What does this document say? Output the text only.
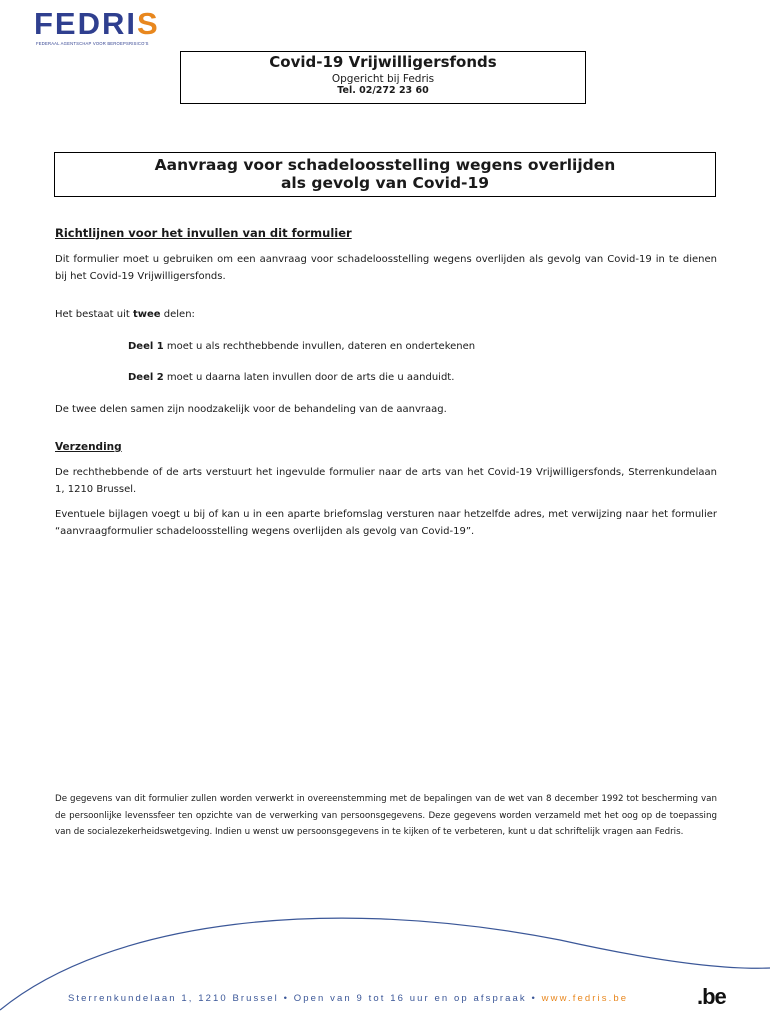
FEDRIS
FEDERAAL AGENTSCHAP VOOR BEROEPSRISICO'S
Covid-19 Vrijwilligersfonds
Opgericht bij Fedris
Tel. 02/272 23 60
Aanvraag voor schadeloosstelling wegens overlijden
als gevolg van Covid-19
Richtlijnen voor het invullen van dit formulier
Dit formulier moet u gebruiken om een aanvraag voor schadeloosstelling wegens overlijden als gevolg van Covid-19 in te dienen bij het Covid-19 Vrijwilligersfonds.
Het bestaat uit twee delen:
Deel 1 moet u als rechthebbende invullen, dateren en ondertekenen
Deel 2 moet u daarna laten invullen door de arts die u aanduidt.
De twee delen samen zijn noodzakelijk voor de behandeling van de aanvraag.
Verzending
De rechthebbende of de arts verstuurt het ingevulde formulier naar de arts van het Covid-19 Vrijwilligersfonds, Sterrenkundelaan 1, 1210 Brussel.
Eventuele bijlagen voegt u bij of kan u in een aparte briefomslag versturen naar hetzelfde adres, met verwijzing naar het formulier “aanvraagformulier schadeloosstelling wegens overlijden als gevolg van Covid-19”.
De gegevens van dit formulier zullen worden verwerkt in overeenstemming met de bepalingen van de wet van 8 december 1992 tot bescherming van de persoonlijke levenssfeer ten opzichte van de verwerking van persoonsgegevens. Deze gegevens worden verzameld met het oog op de toepassing van de socialezekerheidswetgeving. Indien u wenst uw persoonsgegevens in te kijken of te verbeteren, kunt u dat schriftelijk vragen aan Fedris.
Sterrenkundelaan 1, 1210 Brussel • Open van 9 tot 16 uur en op afspraak • www.fedris.be	.be
